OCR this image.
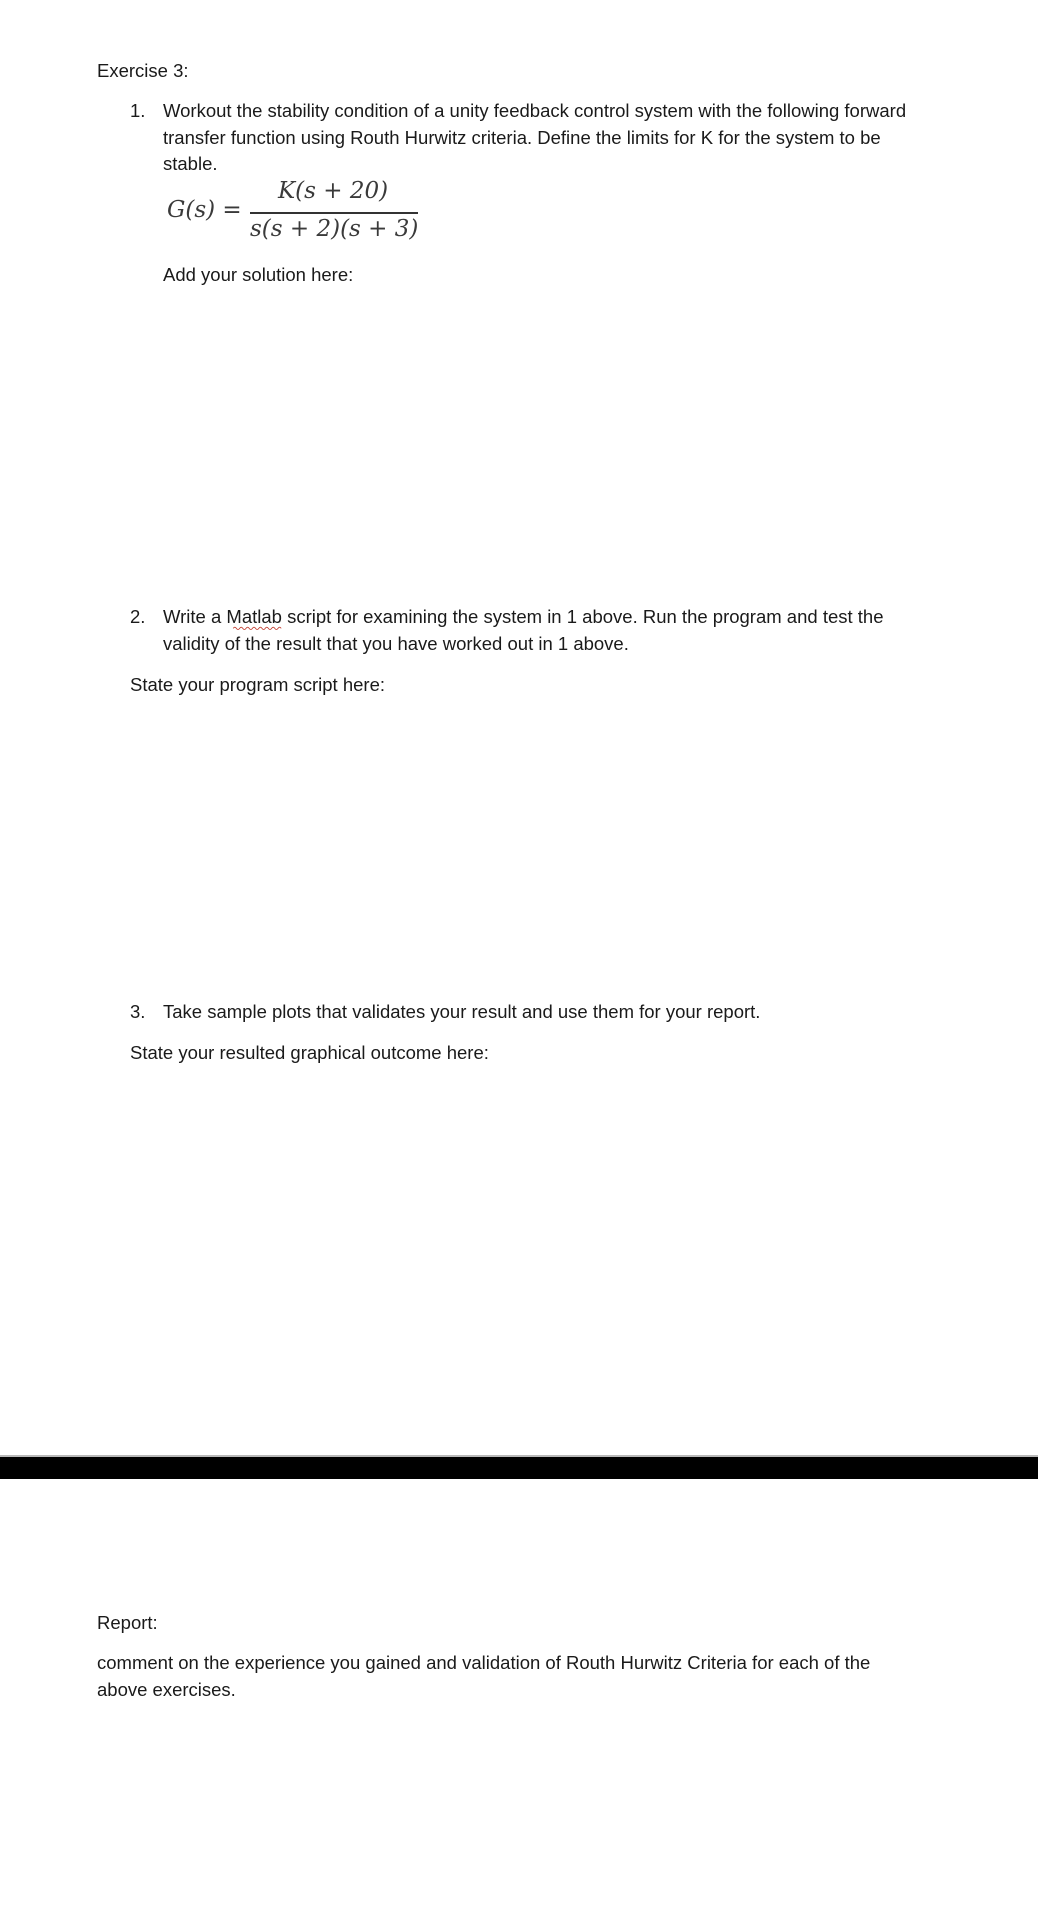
Exercise 3:
1. Workout the stability condition of a unity feedback control system with the following forward
transfer function using Routh Hurwitz criteria. Define the limits for K for the system to be
stable.
G(s) =
K(s + 20)
s(s + 2)(s + 3)
Add your solution here:
2. Write a Matlab script for examining the system in 1 above. Run the program and test the
validity of the result that you have worked out in 1 above.
State your program script here:
3. Take sample plots that validates your result and use them for your report.
State your resulted graphical outcome here:
Report:
comment on the experience you gained and validation of Routh Hurwitz Criteria for each of the
above exercises.
